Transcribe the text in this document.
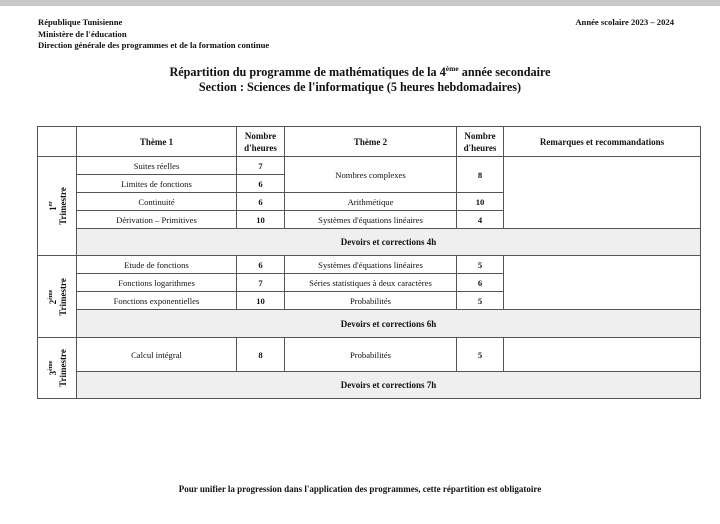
République Tunisienne
Ministère de l'éducation
Direction générale des programmes et de la formation continue
Année scolaire 2023 – 2024
Répartition du programme de mathématiques de la 4ème année secondaire
Section : Sciences de l'informatique (5 heures hebdomadaires)
	Thème 1	Nombre d'heures	Thème 2	Nombre d'heures	Remarques et recommandations

1er Trimestre	Suites réelles	7	Nombres complexes	8	
	Limites de fonctions	6			
	Continuité	6	Arithmétique	10	
	Dérivation – Primitives	10	Systèmes d'équations linéaires	4	
	Devoirs et corrections 4h				

2ème Trimestre	Etude de fonctions	6	Systèmes d'équations linéaires	5	
	Fonctions logarithmes	7	Séries statistiques à deux caractères	6	
	Fonctions exponentielles	10	Probabilités	5	
	Devoirs et corrections 6h				

3ème Trimestre	Calcul intégral	8	Probabilités	5	
	Devoirs et corrections 7h				
Pour unifier la progression dans l'application des programmes, cette répartition est obligatoire
